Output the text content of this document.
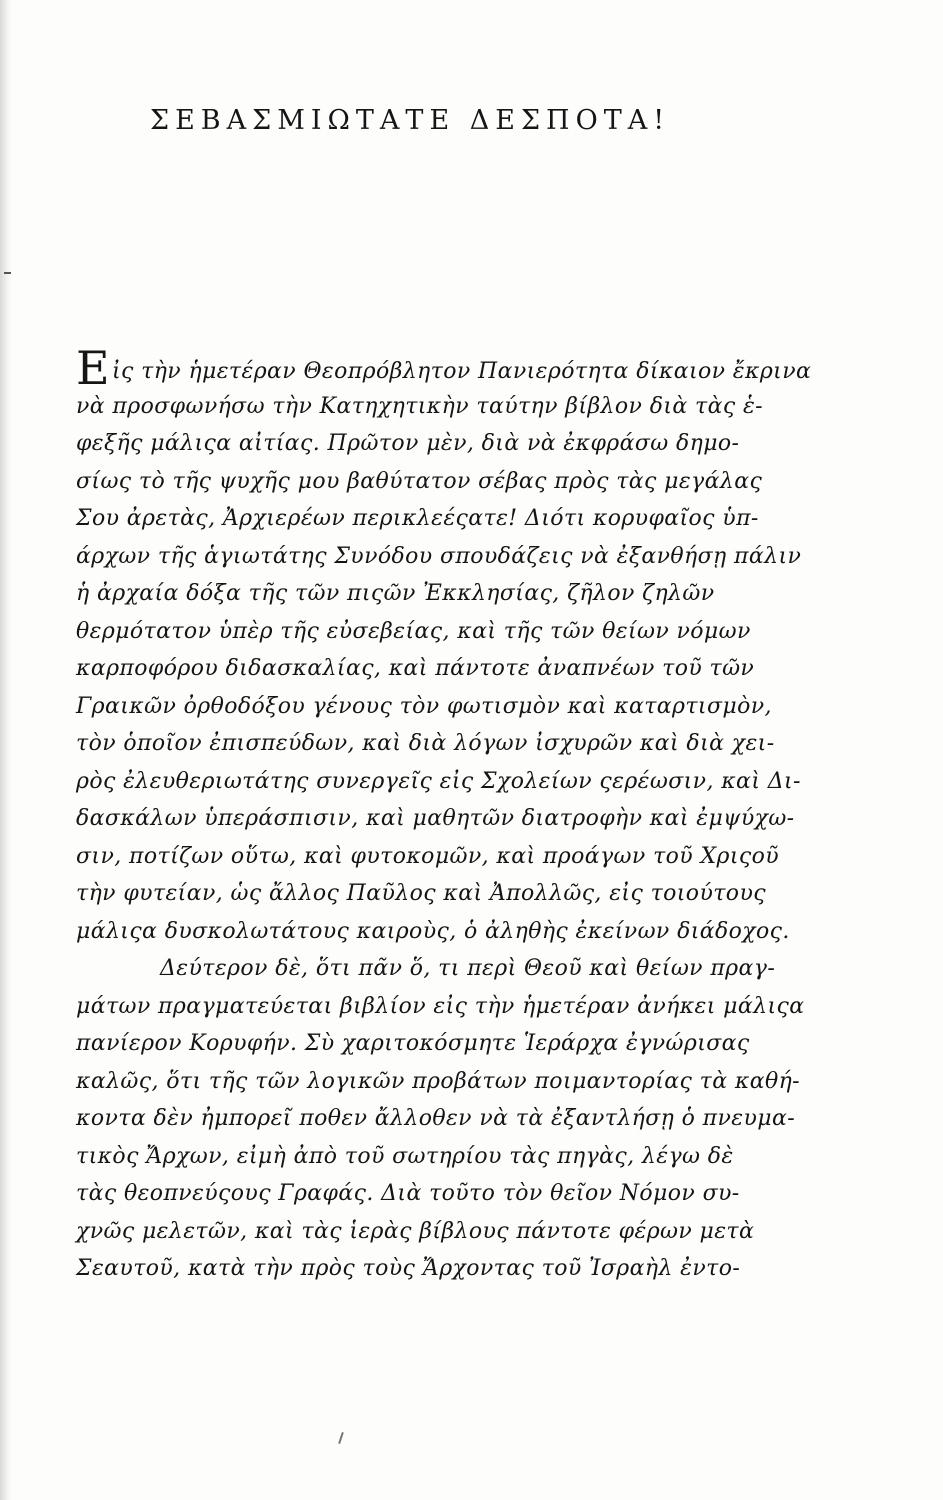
ΣΕΒΑΣΜΙΩΤΑΤΕ ΔΕΣΠΟΤΑ!
Εἰς τὴν ἡμετέραν Θεοπρόβλητον Πανιερότητα δίκαιον ἔκρινα
νὰ προσφωνήσω τὴν Κατηχητικὴν ταύτην βίβλον διὰ τὰς ἑ-
φεξῆς μάλιςα αἰτίας. Πρῶτον μὲν, διὰ νὰ ἐκφράσω δημο-
σίως τὸ τῆς ψυχῆς μου βαθύτατον σέβας πρὸς τὰς μεγάλας
Σου ἀρετὰς, Ἀρχιερέων περικλεέςατε! Διότι κορυφαῖος ὑπ-
άρχων τῆς ἁγιωτάτης Συνόδου σπουδάζεις νὰ ἐξανθήσῃ πάλιν
ἡ ἀρχαία δόξα τῆς τῶν πιςῶν Ἐκκλησίας, ζῆλον ζηλῶν
θερμότατον ὑπὲρ τῆς εὐσεβείας, καὶ τῆς τῶν θείων νόμων
καρποφόρου διδασκαλίας, καὶ πάντοτε ἀναπνέων τοῦ τῶν
Γραικῶν ὀρθοδόξου γένους τὸν φωτισμὸν καὶ καταρτισμὸν,
τὸν ὁποῖον ἐπισπεύδων, καὶ διὰ λόγων ἰσχυρῶν καὶ διὰ χει-
ρὸς ἐλευθεριωτάτης συνεργεῖς εἰς Σχολείων ςερέωσιν, καὶ Δι-
δασκάλων ὑπεράσπισιν, καὶ μαθητῶν διατροφὴν καὶ ἐμψύχω-
σιν, ποτίζων οὕτω, καὶ φυτοκομῶν, καὶ προάγων τοῦ Χριςοῦ
τὴν φυτείαν, ὡς ἄλλος Παῦλος καὶ Ἀπολλῶς, εἰς τοιούτους
μάλιςα δυσκολωτάτους καιροὺς, ὁ ἀληθὴς ἐκείνων διάδοχος.
Δεύτερον δὲ, ὅτι πᾶν ὅ, τι περὶ Θεοῦ καὶ θείων πραγ-
μάτων πραγματεύεται βιβλίον εἰς τὴν ἡμετέραν ἀνήκει μάλιςα
πανίερον Κορυφήν. Σὺ χαριτοκόσμητε Ἱεράρχα ἐγνώρισας
καλῶς, ὅτι τῆς τῶν λογικῶν προβάτων ποιμαντορίας τὰ καθή-
κοντα δὲν ἠμπορεῖ ποθεν ἄλλοθεν νὰ τὰ ἐξαντλήσῃ ὁ πνευμα-
τικὸς Ἄρχων, εἰμὴ ἀπὸ τοῦ σωτηρίου τὰς πηγὰς, λέγω δὲ
τὰς θεοπνεύςους Γραφάς. Διὰ τοῦτο τὸν θεῖον Νόμον συ-
χνῶς μελετῶν, καὶ τὰς ἱερὰς βίβλους πάντοτε φέρων μετὰ
Σεαυτοῦ, κατὰ τὴν πρὸς τοὺς Ἄρχοντας τοῦ Ἰσραὴλ ἐντο-
